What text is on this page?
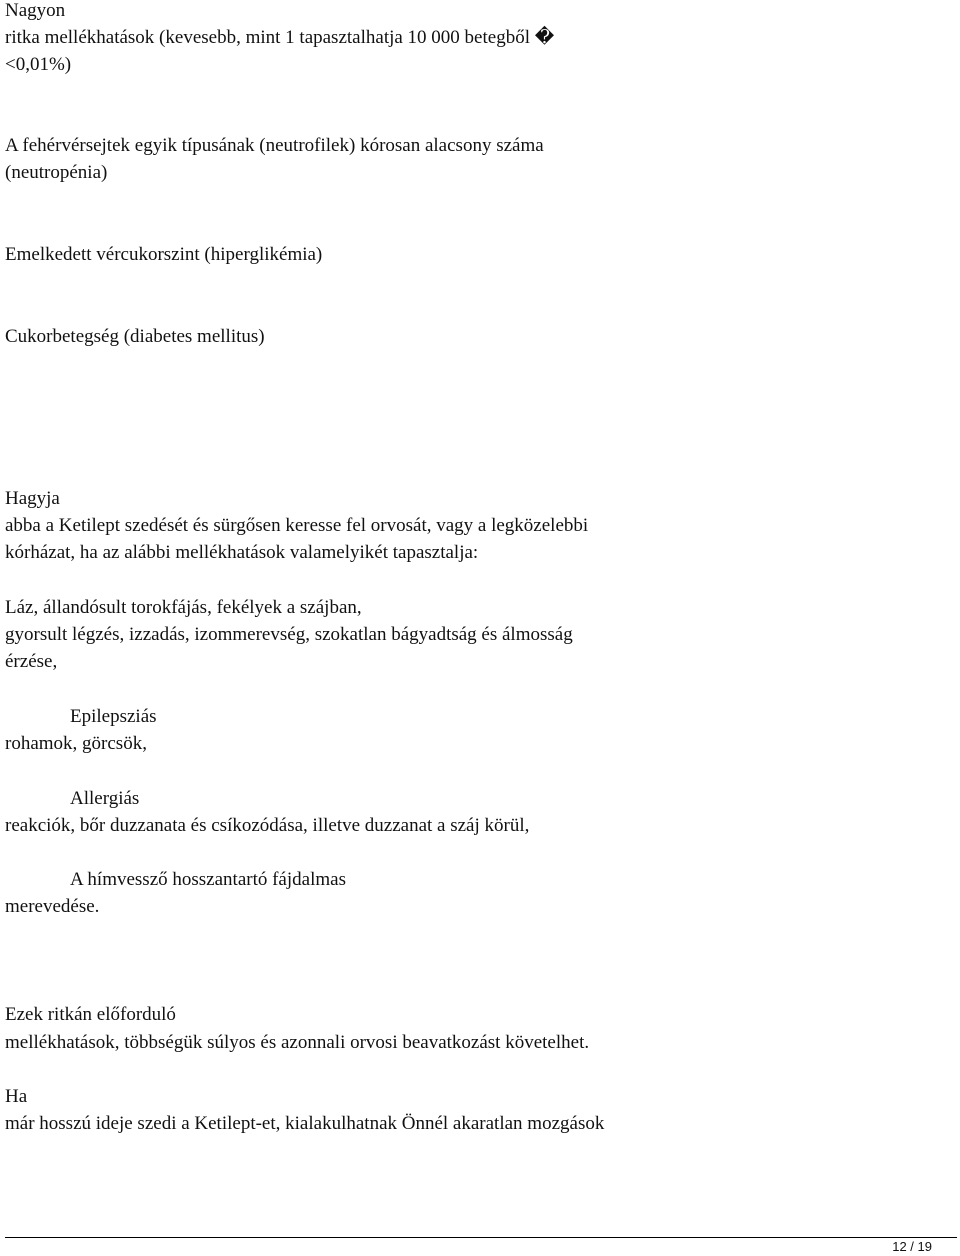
Nagyon
ritka mellékhatások (kevesebb, mint 1 tapasztalhatja 10 000 betegből �
<0,01%)
A fehérvérsejtek egyik típusának (neutrofilek) kórosan alacsony száma
(neutropénia)
Emelkedett vércukorszint (hiperglikémia)
Cukorbetegség (diabetes mellitus)
Hagyja
abba a Ketilept szedését és sürgősen keresse fel orvosát, vagy a legközelebbi
kórházat, ha az alábbi mellékhatások valamelyikét tapasztalja:
Láz, állandósult torokfájás, fekélyek a szájban,
gyorsult légzés, izzadás, izommerevség, szokatlan bágyadtság és álmosság
érzése,
Epilepsziás
rohamok, görcsök,
Allergiás
reakciók, bőr duzzanata és csíkozódása, illetve duzzanat a száj körül,
A hímvessző hosszantartó fájdalmas
merevedése.
Ezek ritkán előforduló
mellékhatások, többségük súlyos és azonnali orvosi beavatkozást követelhet.
Ha
már hosszú ideje szedi a Ketilept-et, kialakulhatnak Önnél akaratlan mozgások
12 / 19
